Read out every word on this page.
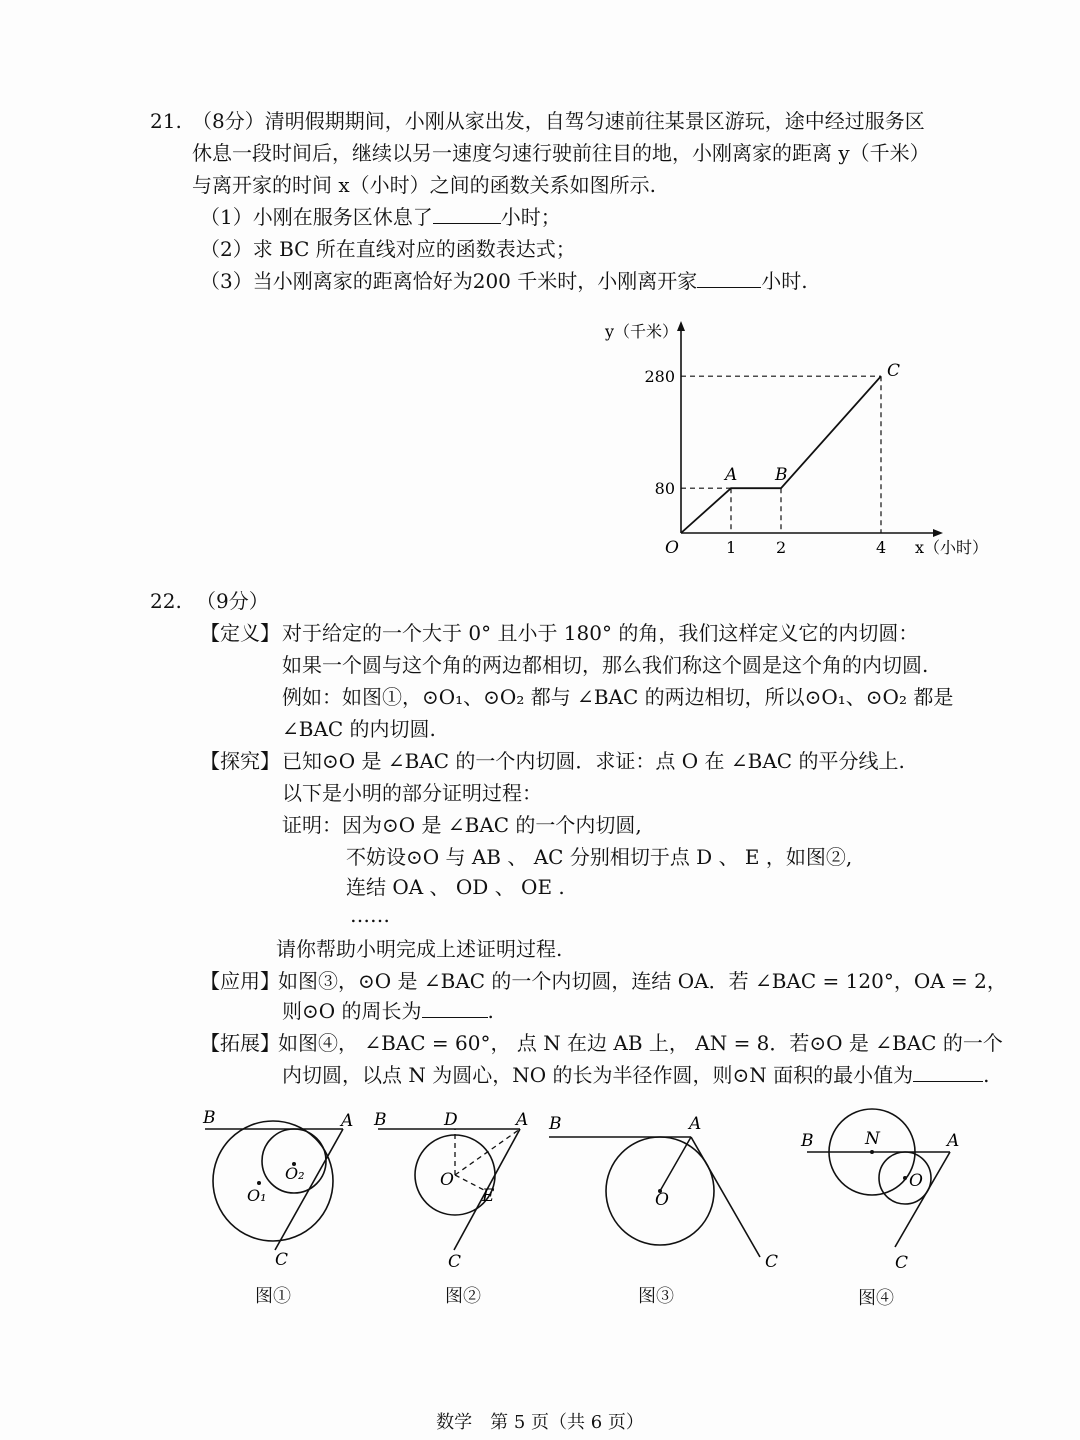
21. （8分）清明假期期间，小刚从家出发，自驾匀速前往某景区游玩，途中经过服务区
休息一段时间后，继续以另一速度匀速行驶前往目的地，小刚离家的距离 y（千米）
与离开家的时间 x（小时）之间的函数关系如图所示.
（1）小刚在服务区休息了	小时；
（2）求 BC 所在直线对应的函数表达式；
（3）当小刚离家的距离恰好为200 千米时，小刚离开家	小时.
A B
C
1 2	4
80
280
O	x（小时）
y（千米）
22. （9分）
【定义】 对于给定的一个大于 0° 且小于 180° 的角，我们这样定义它的内切圆：
如果一个圆与这个角的两边都相切，那么我们称这个圆是这个角的内切圆.
例如：如图①，⊙O₁、⊙O₂ 都与 ∠BAC 的两边相切，所以⊙O₁、⊙O₂ 都是
∠BAC 的内切圆.
【探究】 已知⊙O 是 ∠BAC 的一个内切圆．求证：点 O 在 ∠BAC 的平分线上.
以下是小明的部分证明过程：
证明：因为⊙O 是 ∠BAC 的一个内切圆,
不妨设⊙O 与 AB 、 AC 分别相切于点 D 、 E ，如图②,
连结 OA 、 OD 、 OE .
……
请你帮助小明完成上述证明过程.
【应用】
如图③，⊙O 是 ∠BAC 的一个内切圆，连结 OA．若 ∠BAC = 120°，OA = 2，
则⊙O 的周长为	.
【拓展】
如图④， ∠BAC = 60°， 点 N 在边 AB 上， AN = 8．若⊙O 是 ∠BAC 的一个
内切圆，以点 N 为圆心，NO 的长为半径作圆，则⊙N 面积的最小值为	.
B	A
C
O₁
O₂
图①
B	D	A
O
E
C
图②
B	A
O
C
图③
B	N	A
O
C
图④
数学　第 5 页（共 6 页）
